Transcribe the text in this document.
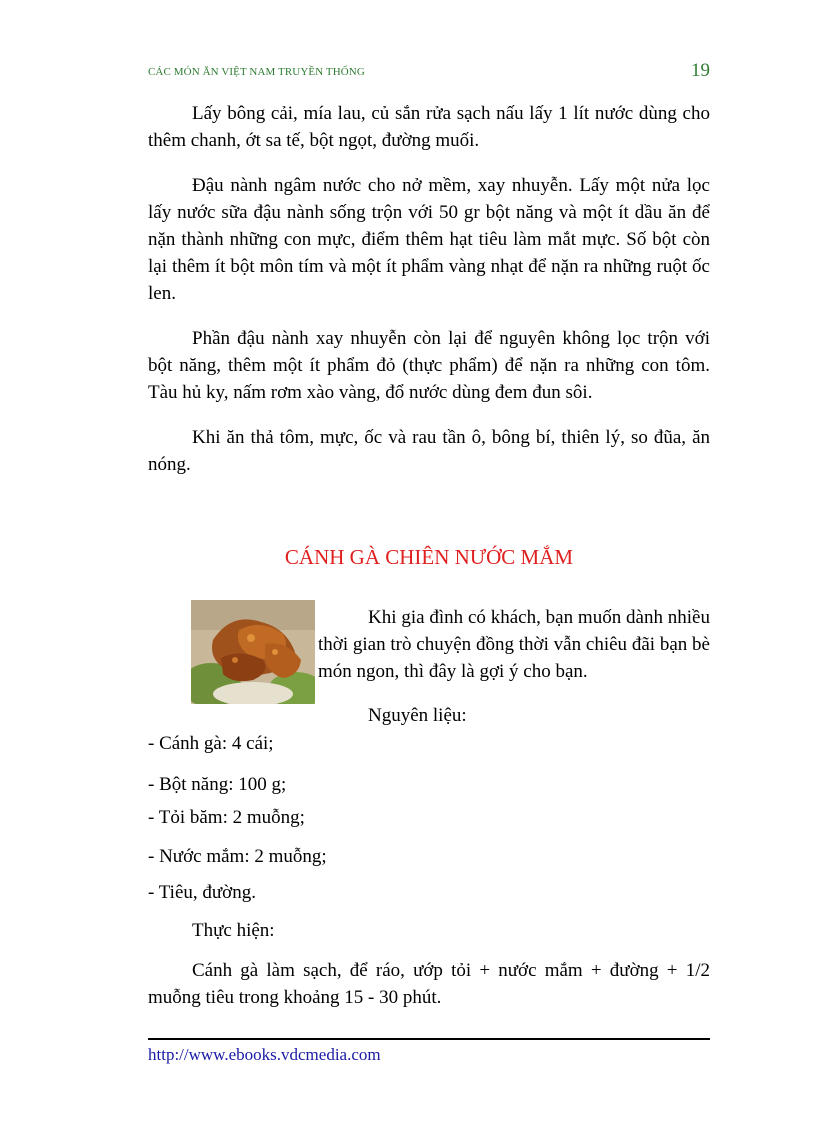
CÁC MÓN ĂN VIỆT NAM TRUYỀN THỐNG	19

Lấy bông cải, mía lau, củ sắn rửa sạch nấu lấy 1 lít nước dùng cho thêm chanh, ớt sa tế, bột ngọt, đường muối.

Đậu nành ngâm nước cho nở mềm, xay nhuyễn. Lấy một nửa lọc lấy nước sữa đậu nành sống trộn với 50 gr bột năng và một ít dầu ăn để nặn thành những con mực, điểm thêm hạt tiêu làm mắt mực. Số bột còn lại thêm ít bột môn tím và một ít phẩm vàng nhạt để nặn ra những ruột ốc len.

Phần đậu nành xay nhuyễn còn lại để nguyên không lọc trộn với bột năng, thêm một ít phẩm đỏ (thực phẩm) để nặn ra những con tôm. Tàu hủ ky, nấm rơm xào vàng, đổ nước dùng đem đun sôi.

Khi ăn thả tôm, mực, ốc và rau tần ô, bông bí, thiên lý, so đũa, ăn nóng.

CÁNH GÀ CHIÊN NƯỚC MẮM

Khi gia đình có khách, bạn muốn dành nhiều thời gian trò chuyện đồng thời vẫn chiêu đãi bạn bè món ngon, thì đây là gợi ý cho bạn.

Nguyên liệu:

- Cánh gà: 4 cái;
- Bột năng: 100 g;
- Tỏi băm: 2 muỗng;
- Nước mắm: 2 muỗng;
- Tiêu, đường.
Thực hiện:

Cánh gà làm sạch, để ráo, ướp tỏi + nước mắm + đường + 1/2 muỗng tiêu trong khoảng 15 - 30 phút.

http://www.ebooks.vdcmedia.com
